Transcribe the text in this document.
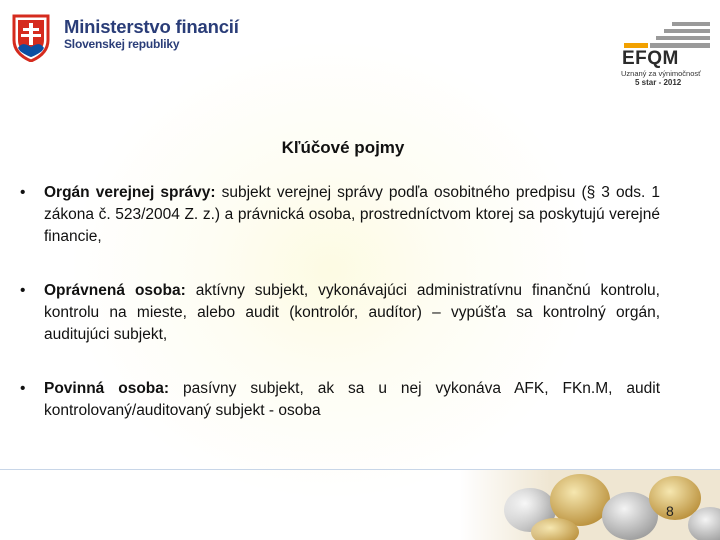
Ministerstvo financií
Slovenskej republiky
EFQM
Uznaný za výnimočnosť
5 star - 2012
Kľúčové pojmy
•	Orgán verejnej správy: subjekt verejnej správy podľa osobitného predpisu (§ 3 ods. 1 zákona č. 523/2004 Z. z.) a právnická osoba, prostredníctvom ktorej sa poskytujú verejné financie,
•	Oprávnená osoba: aktívny subjekt, vykonávajúci administratívnu finančnú kontrolu, kontrolu na mieste, alebo audit (kontrolór, audítor) – vypúšťa sa kontrolný orgán, auditujúci subjekt,
•	Povinná osoba: pasívny subjekt, ak sa u nej vykonáva AFK, FKn.M, audit kontrolovaný/auditovaný subjekt - osoba
8
